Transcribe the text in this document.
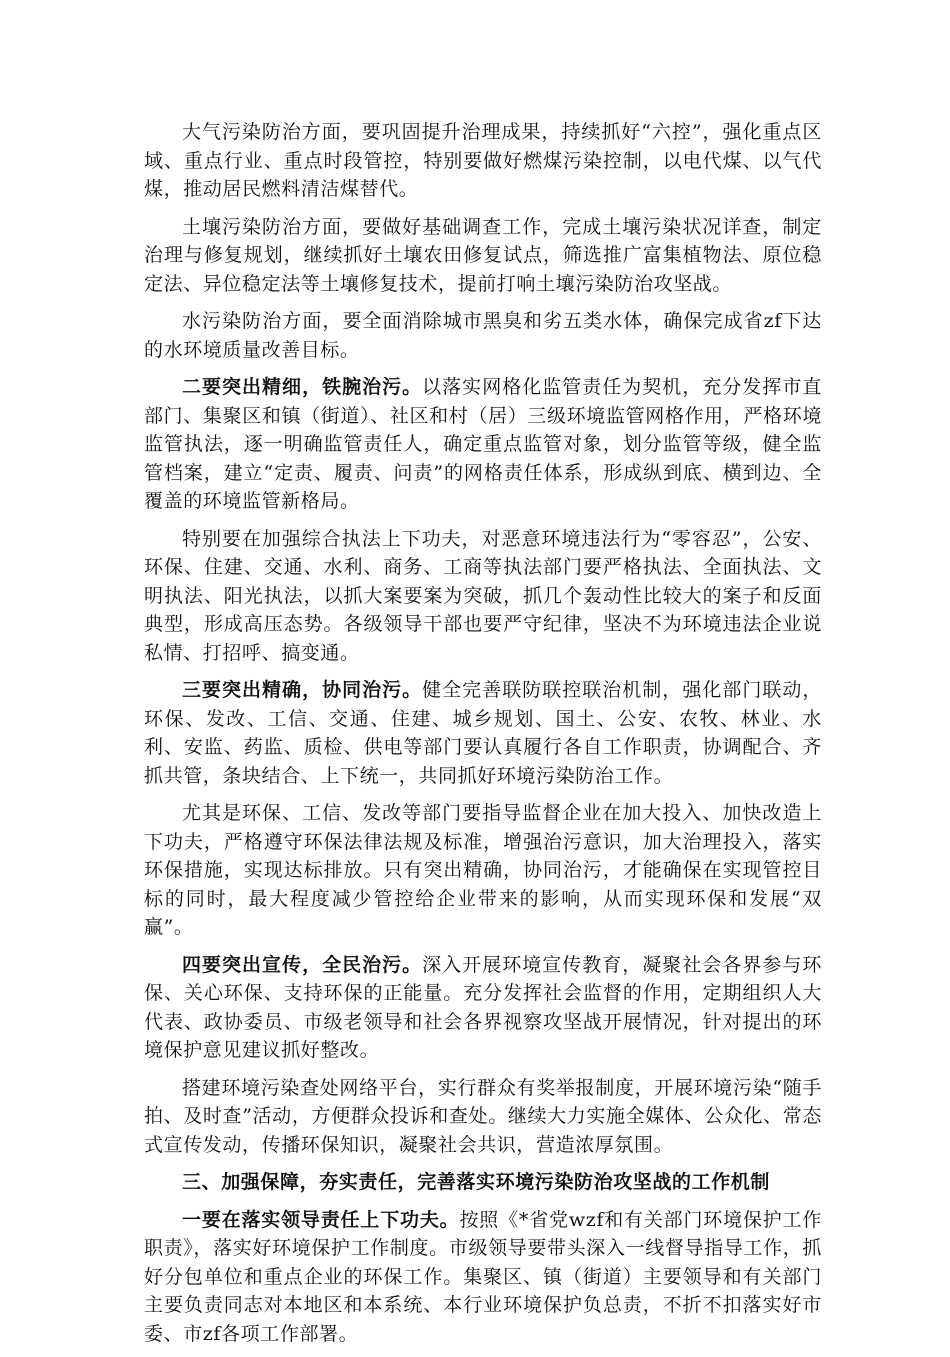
大气污染防治方面，要巩固提升治理成果，持续抓好“六控”，强化重点区域、重点行业、重点时段管控，特别要做好燃煤污染控制，以电代煤、以气代煤，推动居民燃料清洁煤替代。

土壤污染防治方面，要做好基础调查工作，完成土壤污染状况详查，制定治理与修复规划，继续抓好土壤农田修复试点，筛选推广富集植物法、原位稳定法、异位稳定法等土壤修复技术，提前打响土壤污染防治攻坚战。

水污染防治方面，要全面消除城市黑臭和劣五类水体，确保完成省zf下达的水环境质量改善目标。

二要突出精细，铁腕治污。以落实网格化监管责任为契机，充分发挥市直部门、集聚区和镇（街道）、社区和村（居）三级环境监管网格作用，严格环境监管执法，逐一明确监管责任人，确定重点监管对象，划分监管等级，健全监管档案，建立“定责、履责、问责”的网格责任体系，形成纵到底、横到边、全覆盖的环境监管新格局。

特别要在加强综合执法上下功夫，对恶意环境违法行为“零容忍”，公安、环保、住建、交通、水利、商务、工商等执法部门要严格执法、全面执法、文明执法、阳光执法，以抓大案要案为突破，抓几个轰动性比较大的案子和反面典型，形成高压态势。各级领导干部也要严守纪律，坚决不为环境违法企业说私情、打招呼、搞变通。

三要突出精确，协同治污。健全完善联防联控联治机制，强化部门联动，环保、发改、工信、交通、住建、城乡规划、国土、公安、农牧、林业、水利、安监、药监、质检、供电等部门要认真履行各自工作职责，协调配合、齐抓共管，条块结合、上下统一，共同抓好环境污染防治工作。

尤其是环保、工信、发改等部门要指导监督企业在加大投入、加快改造上下功夫，严格遵守环保法律法规及标准，增强治污意识，加大治理投入，落实环保措施，实现达标排放。只有突出精确，协同治污，才能确保在实现管控目标的同时，最大程度减少管控给企业带来的影响，从而实现环保和发展“双赢”。

四要突出宣传，全民治污。深入开展环境宣传教育，凝聚社会各界参与环保、关心环保、支持环保的正能量。充分发挥社会监督的作用，定期组织人大代表、政协委员、市级老领导和社会各界视察攻坚战开展情况，针对提出的环境保护意见建议抓好整改。

搭建环境污染查处网络平台，实行群众有奖举报制度，开展环境污染“随手拍、及时查”活动，方便群众投诉和查处。继续大力实施全媒体、公众化、常态式宣传发动，传播环保知识，凝聚社会共识，营造浓厚氛围。

三、加强保障，夯实责任，完善落实环境污染防治攻坚战的工作机制

一要在落实领导责任上下功夫。按照《*省党wzf和有关部门环境保护工作职责》，落实好环境保护工作制度。市级领导要带头深入一线督导指导工作，抓好分包单位和重点企业的环保工作。集聚区、镇（街道）主要领导和有关部门主要负责同志对本地区和本系统、本行业环境保护负总责，不折不扣落实好市委、市zf各项工作部署。
